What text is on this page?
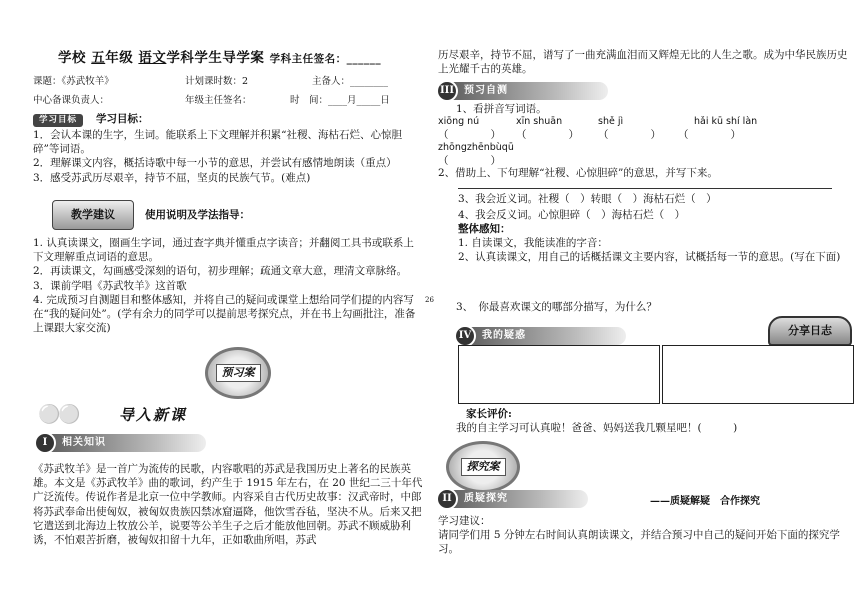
学校 五年级 语文学科学生导学案 学科主任签名：______
课题：《苏武牧羊》	计划课时数：2	主备人：________
中心备课负责人：	年级主任签名：	时　间：____月_____日
学习目标	学习目标：

1．会认本课的生字，生词。能联系上下文理解并积累“社稷、海枯石烂、心惊胆碎”等词语。

2．理解课文内容，概括诗歌中每一小节的意思，并尝试有感情地朗读（重点）

3．感受苏武历尽艰辛，持节不屈，坚贞的民族气节。(难点)

教学建议	使用说明及学法指导：

1. 认真读课文，圈画生字词，通过查字典并懂重点字读音；并翻阅工具书或联系上下文理解重点词语的意思。

2．再读课文，勾画感受深刻的语句，初步理解；疏通文章大意，理清文章脉络。

3．课前学唱《苏武牧羊》这首歌

4. 完成预习自测题目和整体感知，并将自己的疑问或课堂上想给同学们提的内容写在“我的疑问处”。(学有余力的同学可以提前思考探究点，并在书上勾画批注，准备上课跟大家交流)

预习案
⚪⚪	导入新课
I	相关知识
《苏武牧羊》是一首广为流传的民歌，内容歌唱的苏武是我国历史上著名的民族英雄。本文是《苏武牧羊》曲的歌词，约产生于 1915 年左右，在 20 世纪二三十年代广泛流传。传说作者是北京一位中学教师。内容采自古代历史故事：汉武帝时，中郎将苏武奉命出使匈奴，被匈奴贵族囚禁冰窟逼降，他饮雪吞毡，坚决不从。后来又把它遣送到北海边上牧放公羊，说要等公羊生子之后才能放他回朝。苏武不顾威胁利诱，不怕艰苦折磨，被匈奴扣留十九年，正如歌曲所唱，苏武
26
历尽艰辛，持节不屈，谱写了一曲充满血泪而又辉煌无比的人生之歌。成为中华民族历史上光耀千古的英雄。
III 预习自测
1、看拼音写词语。
xiōng nú	xīn shuān	shě jì	hǎi kū shí làn
（　　　　） （　　　　） （　　　　） （　　　　）
zhōngzhēnbùqū
（　　　　）
2、借助上、下句理解“社稷、心惊胆碎”的意思，并写下来。
3、我会近义词。社稷（　）转眼（　）海枯石烂（　）
4、我会反义词。心惊胆碎（　）海枯石烂（　）
整体感知：
1. 自读课文，我能读准的字音：
2、认真读课文，用自己的话概括课文主要内容，试概括每一节的意思。(写在下面)
3、　你最喜欢课文的哪部分描写，为什么？
IV	我的疑惑	分享日志
家长评价:
我的自主学习可认真啦！爸爸、妈妈送我几颗星吧！(　　　)
探究案
II	质疑探究	——质疑解疑　合作探究
学习建议：
请同学们用 5 分钟左右时间认真朗读课文，并结合预习中自己的疑问开始下面的探究学习。
